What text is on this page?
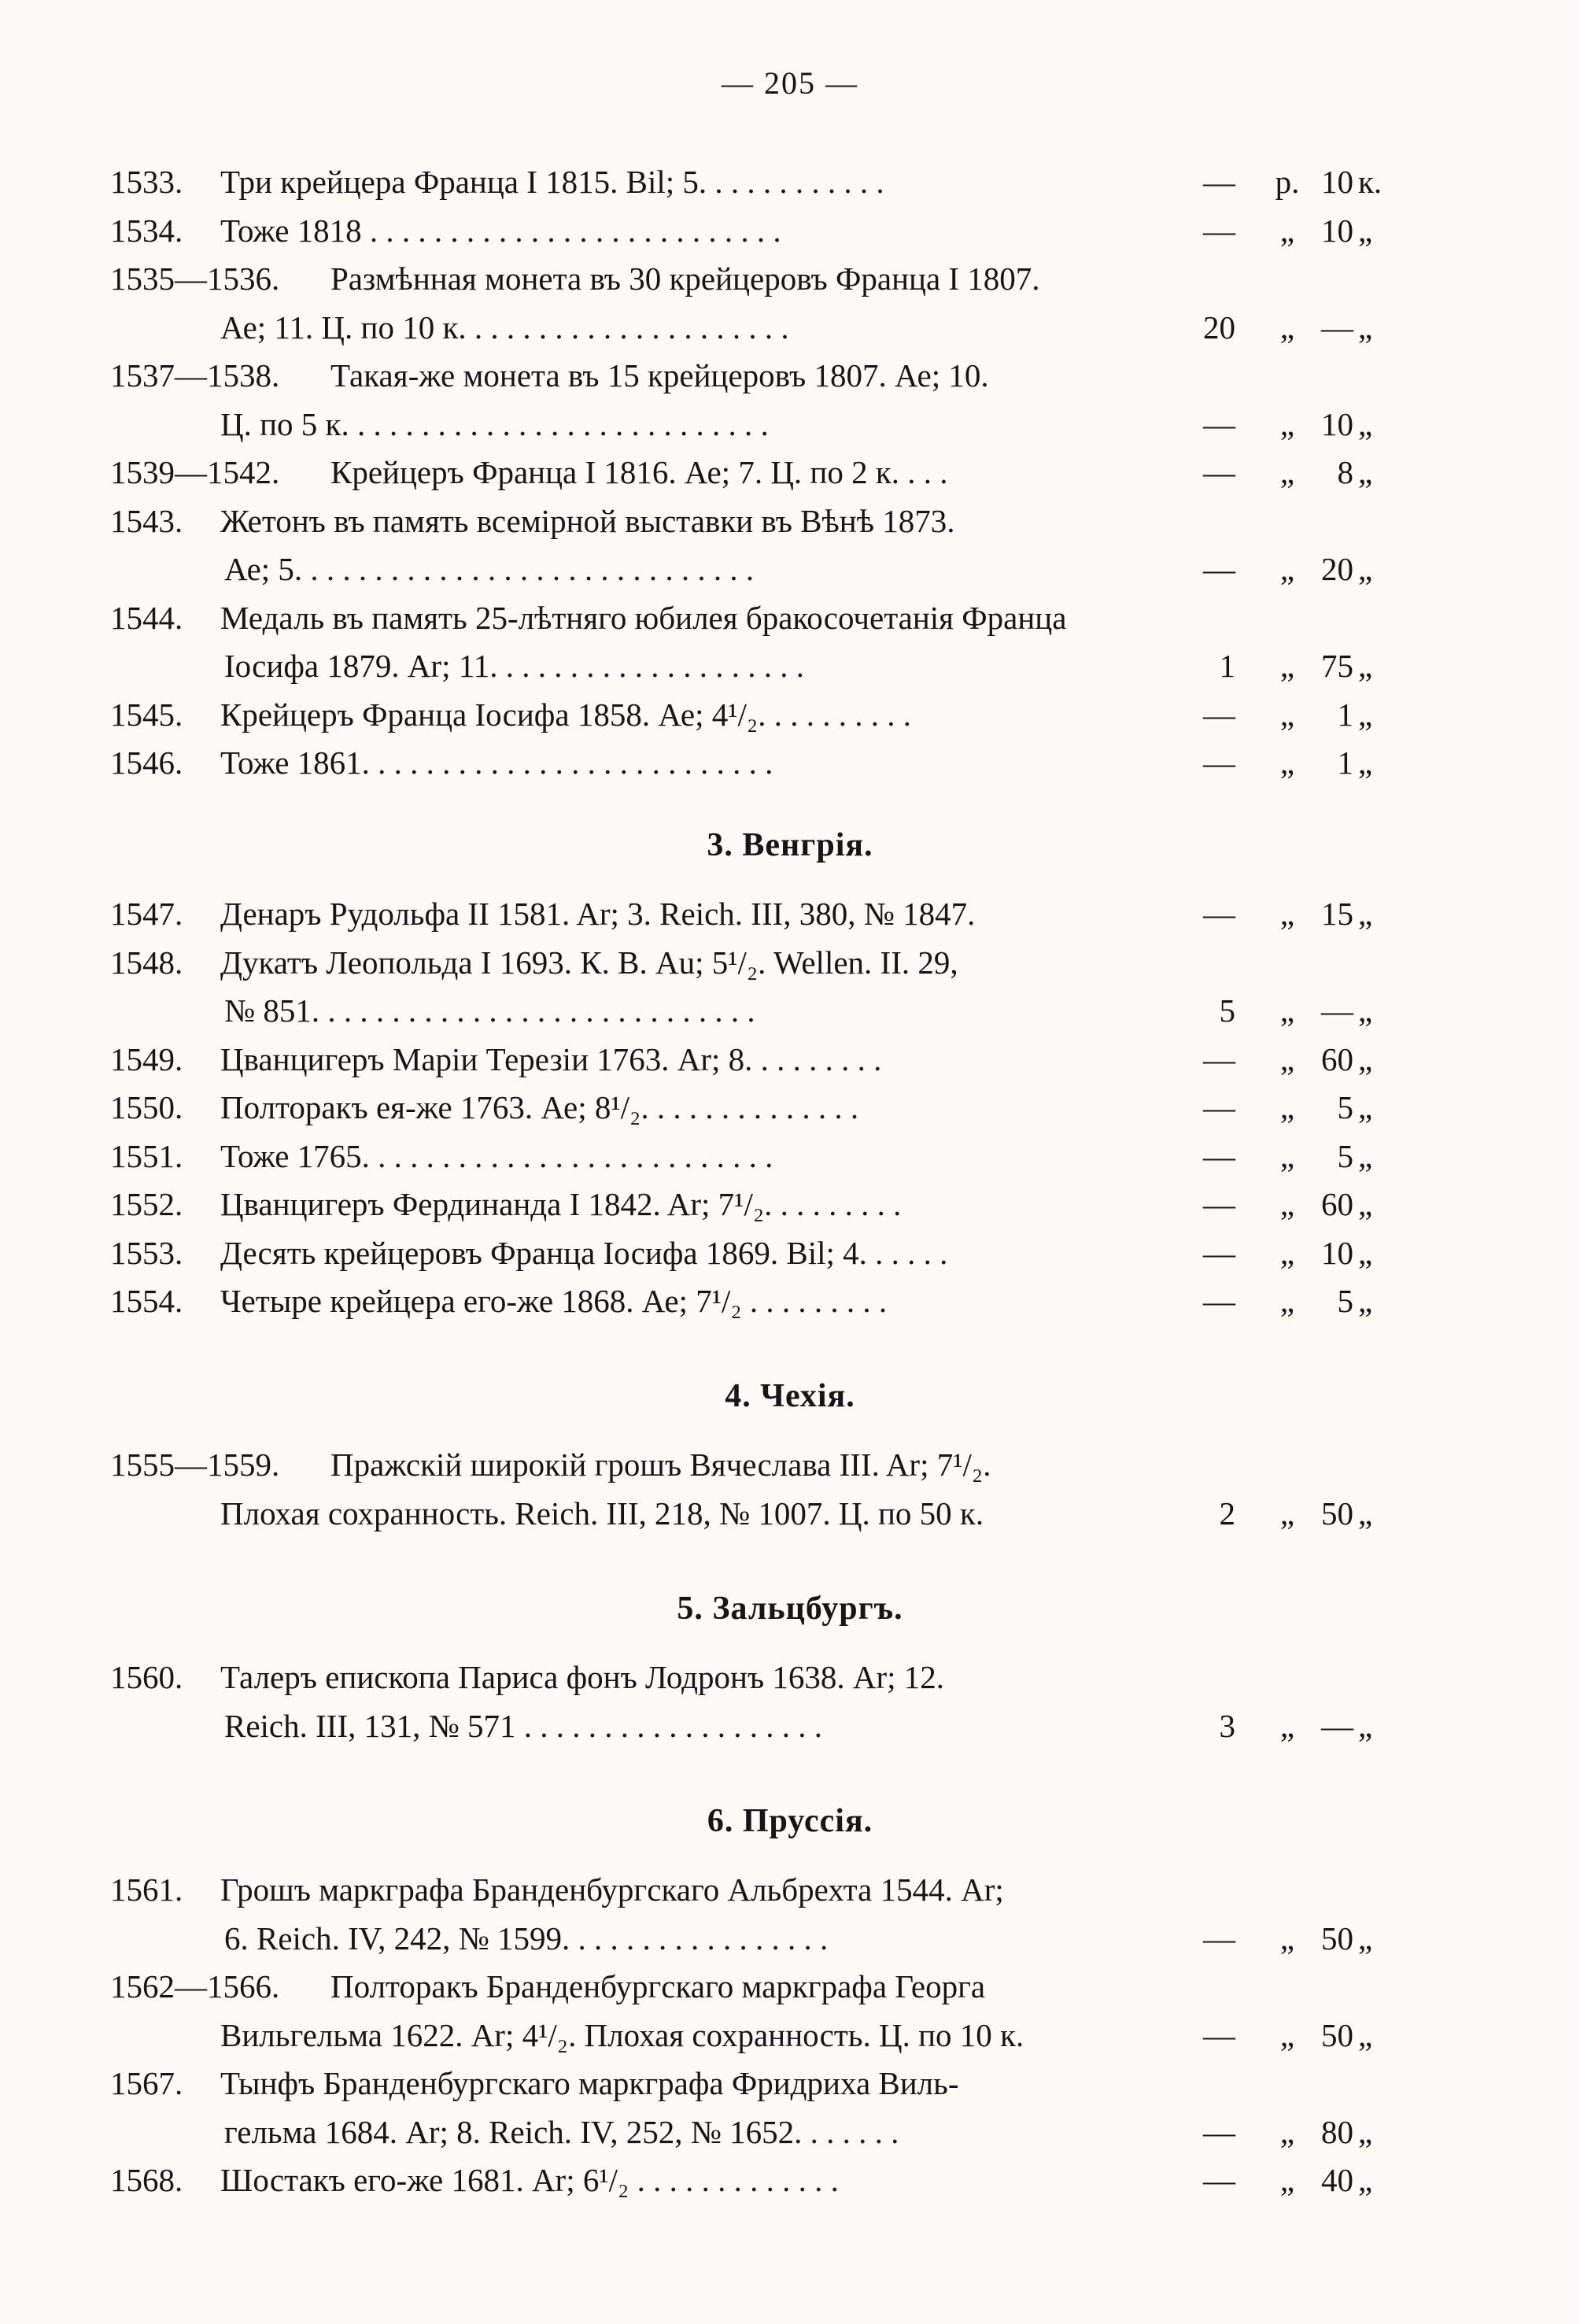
— 205 —
1533. Три крейцера Франца I 1815. Bil; 5. . . . . . . . . . . .	— р. 10 к.
1534. Тоже 1818 . . . . . . . . . . . . . . . . . . . . . . . . . .	— „ 10 „
1535—1536. Размѣнная монета въ 30 крейцеровъ Франца I 1807.
Ае; 11. Ц. по 10 к. . . . . . . . . . . . . . . . . . . . .	20 „ — „
1537—1538. Такая-же монета въ 15 крейцеровъ 1807. Ае; 10.
Ц. по 5 к. . . . . . . . . . . . . . . . . . . . . . . . . . .	— „ 10 „
1539—1542. Крейцеръ Франца I 1816. Ае; 7. Ц. по 2 к. . . .	— „	8 „
1543. Жетонъ въ память всемiрной выставки въ Вѣнѣ 1873.
Ае; 5. . . . . . . . . . . . . . . . . . . . . . . . . . . . .	— „ 20 „
1544. Медаль въ память 25-лѣтняго юбилея бракосочетанiя Франца
Iосифа 1879. Ar; 11. . . . . . . . . . . . . . . . . . . .	1 „ 75 „
1545. Крейцеръ Франца Iосифа 1858. Ае; 4¹/₂. . . . . . . . . .	— „	1 „
1546. Тоже 1861. . . . . . . . . . . . . . . . . . . . . . . . . .	— „	1 „
3. Венгрiя.
1547. Денаръ Рудольфа II 1581. Ar; 3. Reich. III, 380, № 1847.	— „ 15 „
1548. Дукатъ Леопольда I 1693. К. В. Au; 5¹/₂. Wellen. II. 29,
№ 851. . . . . . . . . . . . . . . . . . . . . . . . . . . .	5 „ — „
1549. Цванцигеръ Марiи Терезiи 1763. Ar; 8. . . . . . . . .	— „ 60 „
1550. Полторакъ ея-же 1763. Ае; 8¹/₂. . . . . . . . . . . . . .	— „	5 „
1551. Тоже 1765. . . . . . . . . . . . . . . . . . . . . . . . . .	— „	5 „
1552. Цванцигеръ Фердинанда I 1842. Ar; 7¹/₂. . . . . . . . .	— „ 60 „
1553. Десять крейцеровъ Франца Iосифа 1869. Bil; 4. . . . . .	— „ 10 „
1554. Четыре крейцера его-же 1868. Ае; 7¹/₂ . . . . . . . . .	— „	5 „
4. Чехiя.
1555—1559. Пражскiй широкiй грошъ Вячеслава III. Ar; 7¹/₂.
Плохая сохранность. Reich. III, 218, № 1007. Ц. по 50 к.	2 „ 50 „
5. Зальцбургъ.
1560. Талеръ епископа Париса фонъ Лодронъ 1638. Ar; 12.
Reich. III, 131, № 571 . . . . . . . . . . . . . . . . . . .	3 „ — „
6. Пруссiя.
1561. Грошъ маркграфа Бранденбургскаго Альбрехта 1544. Ar;
6. Reich. IV, 242, № 1599. . . . . . . . . . . . . . . . .	— „ 50 „
1562—1566. Полторакъ Бранденбургскаго маркграфа Георга
Вильгельма 1622. Ar; 4¹/₂. Плохая сохранность. Ц. по 10 к.	— „ 50 „
1567. Тынфъ Бранденбургскаго маркграфа Фридриха Виль-
гельма 1684. Ar; 8. Reich. IV, 252, № 1652. . . . . . .	— „ 80 „
1568. Шостакъ его-же 1681. Ar; 6¹/₂ . . . . . . . . . . . . .	— „ 40 „
